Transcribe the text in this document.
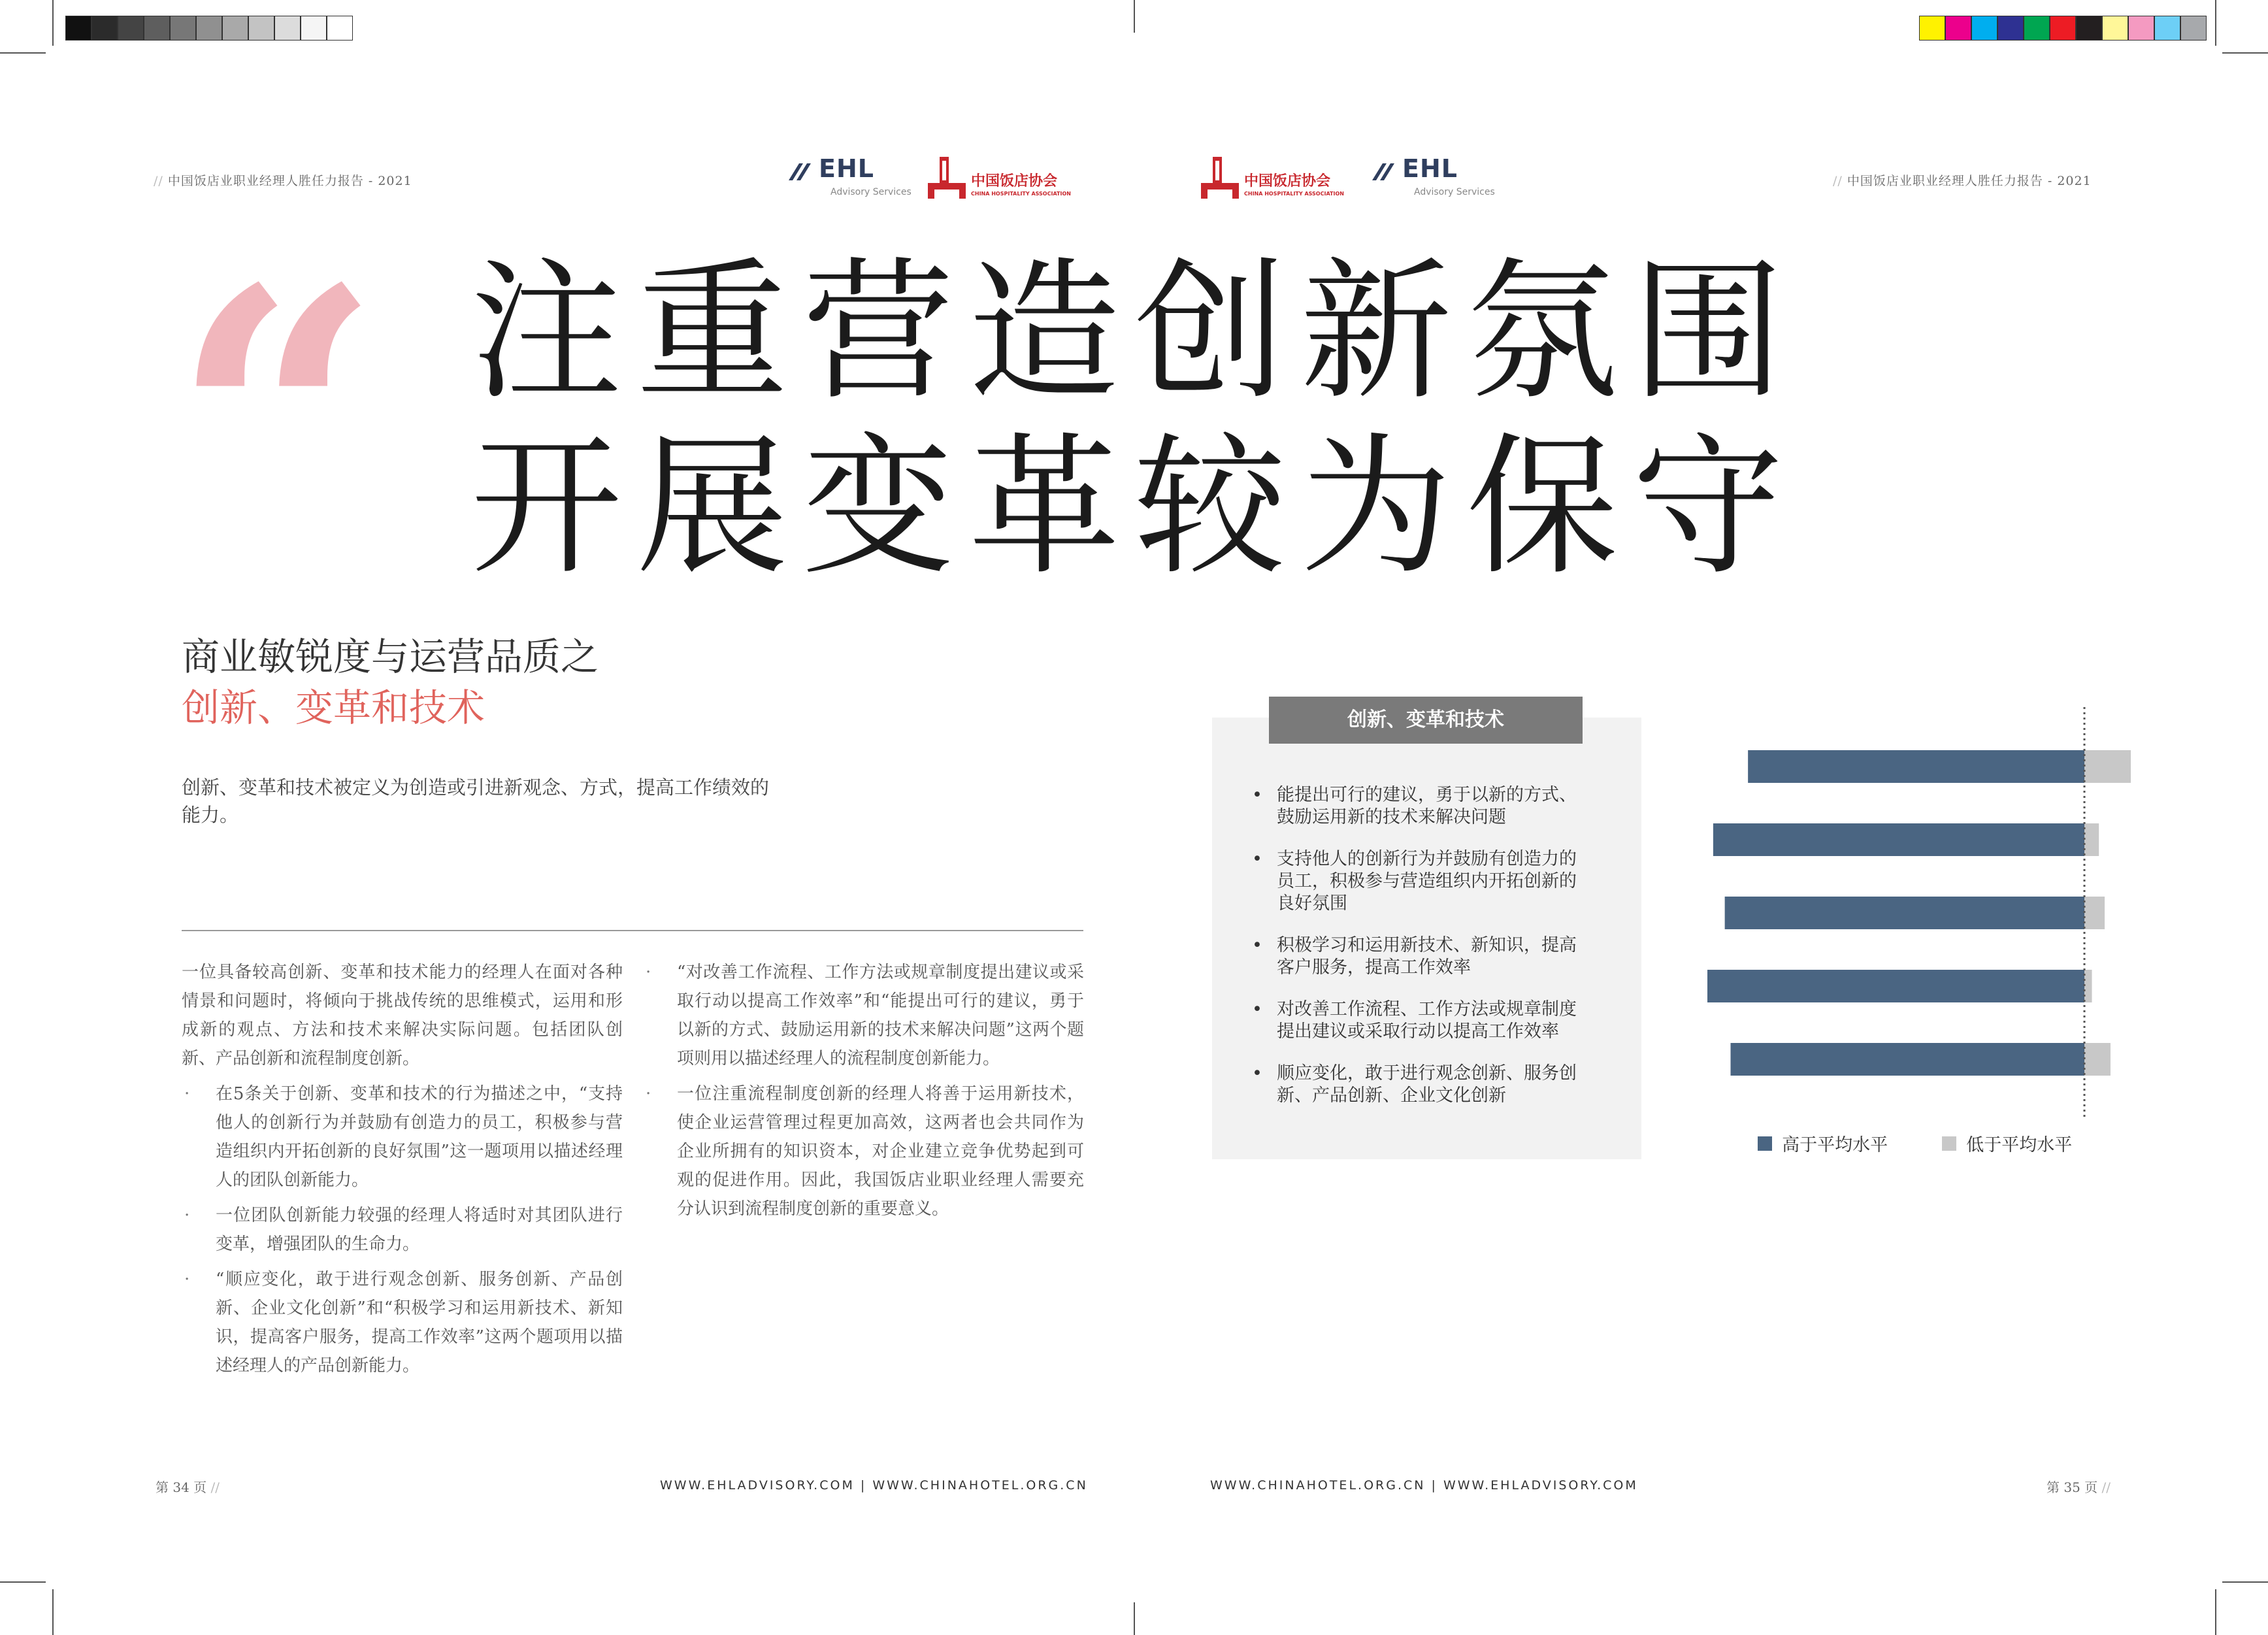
// 中国饭店业职业经理人胜任力报告 - 2021	// 中国饭店业职业经理人胜任力报告 - 2021
EHL
Advisory Services
中国饭店协会
CHINA HOSPITALITY ASSOCIATION
中国饭店协会
CHINA HOSPITALITY ASSOCIATION
EHL
Advisory Services
“ 注重营造创新氛围
开展变革较为保守
商业敏锐度与运营品质之
创新、变革和技术
创新、变革和技术被定义为创造或引进新观念、方式，提高工作绩效的能力。
一位具备较高创新、变革和技术能力的经理人在面对各种情景和问题时，将倾向于挑战传统的思维模式，运用和形成新的观点、方法和技术来解决实际问题。包括团队创新、产品创新和流程制度创新。
· 在5条关于创新、变革和技术的行为描述之中，“支持他人的创新行为并鼓励有创造力的员工，积极参与营造组织内开拓创新的良好氛围”这一题项用以描述经理人的团队创新能力。
· 一位团队创新能力较强的经理人将适时对其团队进行变革，增强团队的生命力。
· “顺应变化，敢于进行观念创新、服务创新、产品创新、企业文化创新”和“积极学习和运用新技术、新知识，提高客户服务，提高工作效率”这两个题项用以描述经理人的产品创新能力。
· “对改善工作流程、工作方法或规章制度提出建议或采取行动以提高工作效率”和“能提出可行的建议，勇于以新的方式、鼓励运用新的技术来解决问题”这两个题项则用以描述经理人的流程制度创新能力。
· 一位注重流程制度创新的经理人将善于运用新技术，使企业运营管理过程更加高效，这两者也会共同作为企业所拥有的知识资本，对企业建立竞争优势起到可观的促进作用。因此，我国饭店业职业经理人需要充分认识到流程制度创新的重要意义。
创新、变革和技术
• 能提出可行的建议，勇于以新的方式、
鼓励运用新的技术来解决问题
• 支持他人的创新行为并鼓励有创造力的
员工，积极参与营造组织内开拓创新的
良好氛围
• 积极学习和运用新技术、新知识，提高
客户服务，提高工作效率
• 对改善工作流程、工作方法或规章制度
提出建议或采取行动以提高工作效率
• 顺应变化，敢于进行观念创新、服务创
新、产品创新、企业文化创新
高于平均水平	低于平均水平
第 34 页 //	WWW.EHLADVISORY.COM | WWW.CHINAHOTEL.ORG.CN	WWW.CHINAHOTEL.ORG.CN | WWW.EHLADVISORY.COM	第 35 页 //
